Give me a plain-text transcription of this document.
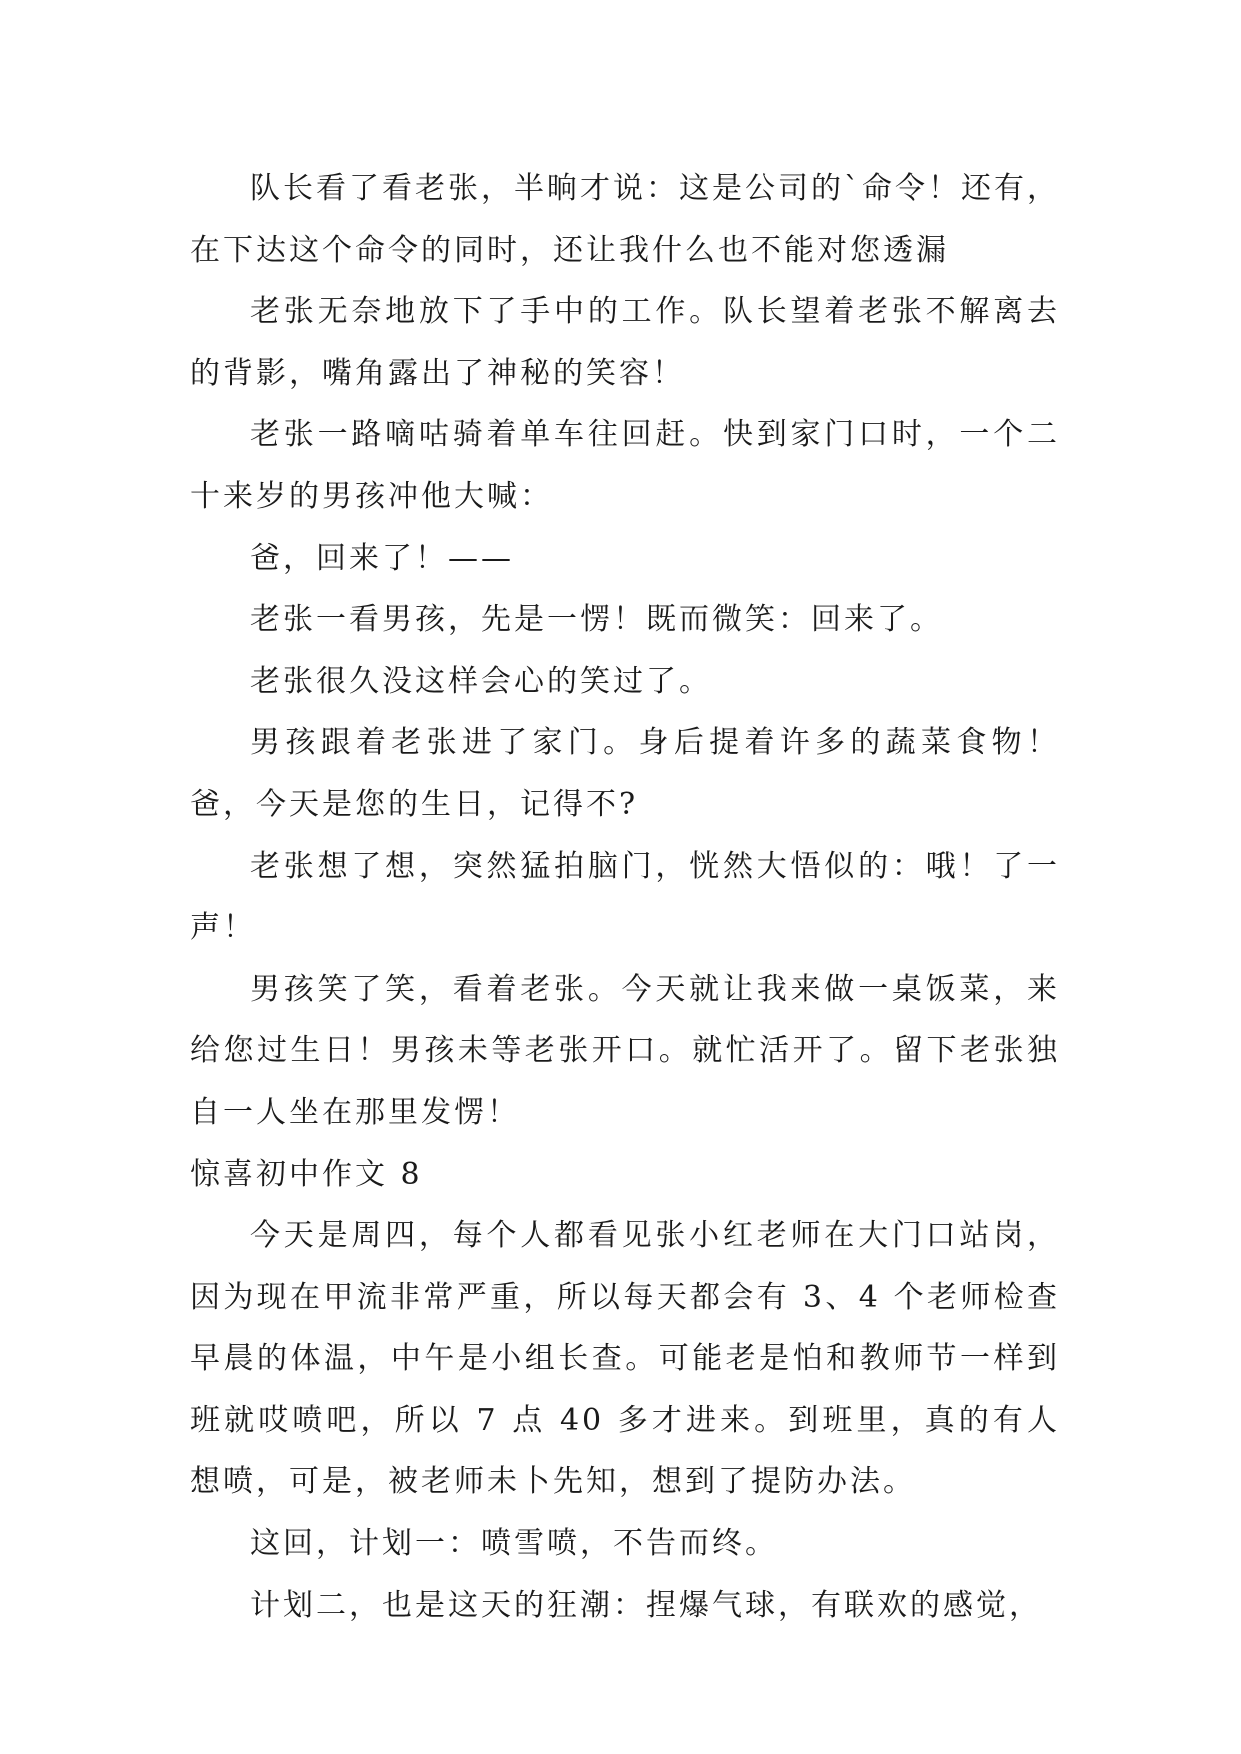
队长看了看老张，半晌才说：这是公司的`命令！还有，在下达这个命令的同时，还让我什么也不能对您透漏

老张无奈地放下了手中的工作。队长望着老张不解离去的背影，嘴角露出了神秘的笑容！

老张一路嘀咕骑着单车往回赶。快到家门口时，一个二十来岁的男孩冲他大喊：

爸，回来了！——

老张一看男孩，先是一愣！既而微笑：回来了。

老张很久没这样会心的笑过了。

男孩跟着老张进了家门。身后提着许多的蔬菜食物！爸，今天是您的生日，记得不?

老张想了想，突然猛拍脑门，恍然大悟似的：哦！了一声！

男孩笑了笑，看着老张。今天就让我来做一桌饭菜，来给您过生日！男孩未等老张开口。就忙活开了。留下老张独自一人坐在那里发愣！

惊喜初中作文 8

今天是周四，每个人都看见张小红老师在大门口站岗，因为现在甲流非常严重，所以每天都会有 3、4 个老师检查早晨的体温，中午是小组长查。可能老是怕和教师节一样到班就哎喷吧，所以 7 点 40 多才进来。到班里，真的有人想喷，可是，被老师未卜先知，想到了提防办法。

这回，计划一：喷雪喷，不告而终。

计划二，也是这天的狂潮：捏爆气球，有联欢的感觉，
